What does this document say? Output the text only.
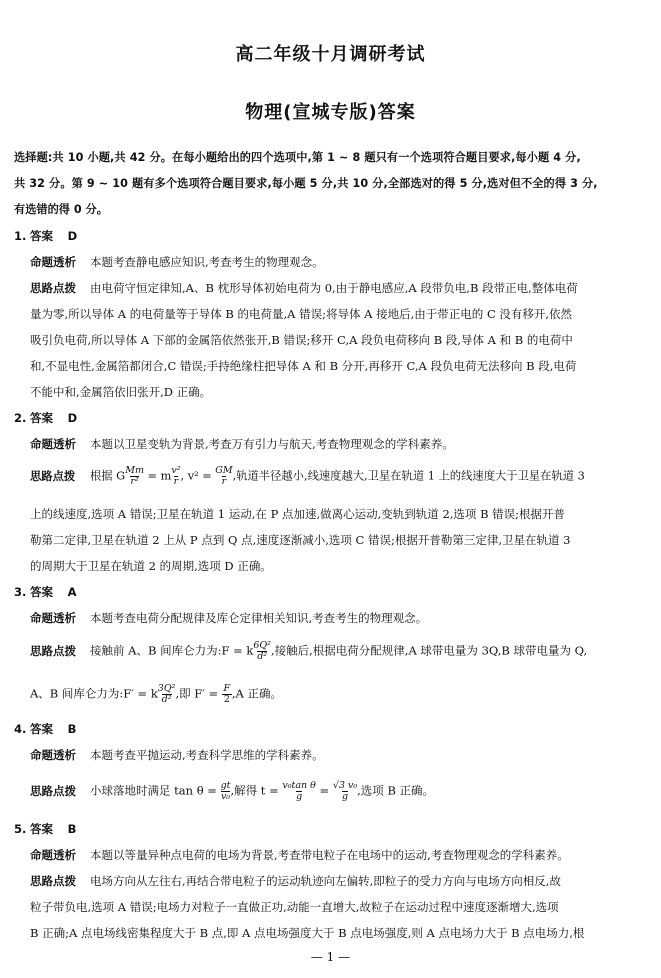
高二年级十月调研考试
物理(宣城专版)答案
选择题:共 10 小题,共 42 分。在每小题给出的四个选项中,第 1 ~ 8 题只有一个选项符合题目要求,每小题 4 分,
共 32 分。第 9 ~ 10 题有多个选项符合题目要求,每小题 5 分,共 10 分,全部选对的得 5 分,选对但不全的得 3 分,
有选错的得 0 分。
1. 答案 D
命题透析 本题考查静电感应知识,考查考生的物理观念。
思路点拨 由电荷守恒定律知,A、B 枕形导体初始电荷为 0,由于静电感应,A 段带负电,B 段带正电,整体电荷
量为零,所以导体 A 的电荷量等于导体 B 的电荷量,A 错误;将导体 A 接地后,由于带正电的 C 没有移开,依然
吸引负电荷,所以导体 A 下部的金属箔依然张开,B 错误;移开 C,A 段负电荷移向 B 段,导体 A 和 B 的电荷中
和,不显电性,金属箔都闭合,C 错误;手持绝缘柱把导体 A 和 B 分开,再移开 C,A 段负电荷无法移向 B 段,电荷
不能中和,金属箔依旧张开,D 正确。
2. 答案 D
命题透析 本题以卫星变轨为背景,考查万有引力与航天,考查物理观念的学科素养。
思路点拨 根据 G $\frac{Mm}{\text{r²}} = m \frac{\text{v²}}{r}$ , $v^2 = \frac{GM}{r}$ ,轨道半径越小,线速度越大,卫星在轨道 1 上的线速度大于卫星在轨道 3
上的线速度,选项 A 错误;卫星在轨道 1 运动,在 P 点加速,做离心运动,变轨到轨道 2,选项 B 错误;根据开普
勒第二定律,卫星在轨道 2 上从 P 点到 Q 点,速度逐渐减小,选项 C 错误;根据开普勒第三定律,卫星在轨道 3
的周期大于卫星在轨道 2 的周期,选项 D 正确。
3. 答案 A
命题透析 本题考查电荷分配规律及库仑定律相关知识,考查考生的物理观念。
思路点拨 接触前 A、B 间库仑力为:F = k $\frac{\text{6Q²}}{\text{d²}}$ ,接触后,根据电荷分配规律,A 球带电量为 3Q,B 球带电量为 Q,
A、B 间库仑力为:F′ = k $\frac{\text{3Q²}}{\text{d²}}$ ,即 $F' = \frac{F}{2} ,A$ 正确。
4. 答案 B
命题透析 本题考查平抛运动,考查科学思维的学科素养。
思路点拨 小球落地时满足 $\tan \theta = \frac{gt}{\text{v₀}}$ ,解得 $t = \frac{\text{v₀tan θ}}{g} = \frac{\text{√3 v₀}}{g}$ ,选项 B 正确。
5. 答案 B
命题透析 本题以等量异种点电荷的电场为背景,考查带电粒子在电场中的运动,考查物理观念的学科素养。
思路点拨 电场方向从左往右,再结合带电粒子的运动轨迹向左偏转,即粒子的受力方向与电场方向相反,故
粒子带负电,选项 A 错误;电场力对粒子一直做正功,动能一直增大,故粒子在运动过程中速度逐渐增大,选项
B 正确;A 点电场线密集程度大于 B 点,即 A 点电场强度大于 B 点电场强度,则 A 点电场力大于 B 点电场力,根
— 1 —
